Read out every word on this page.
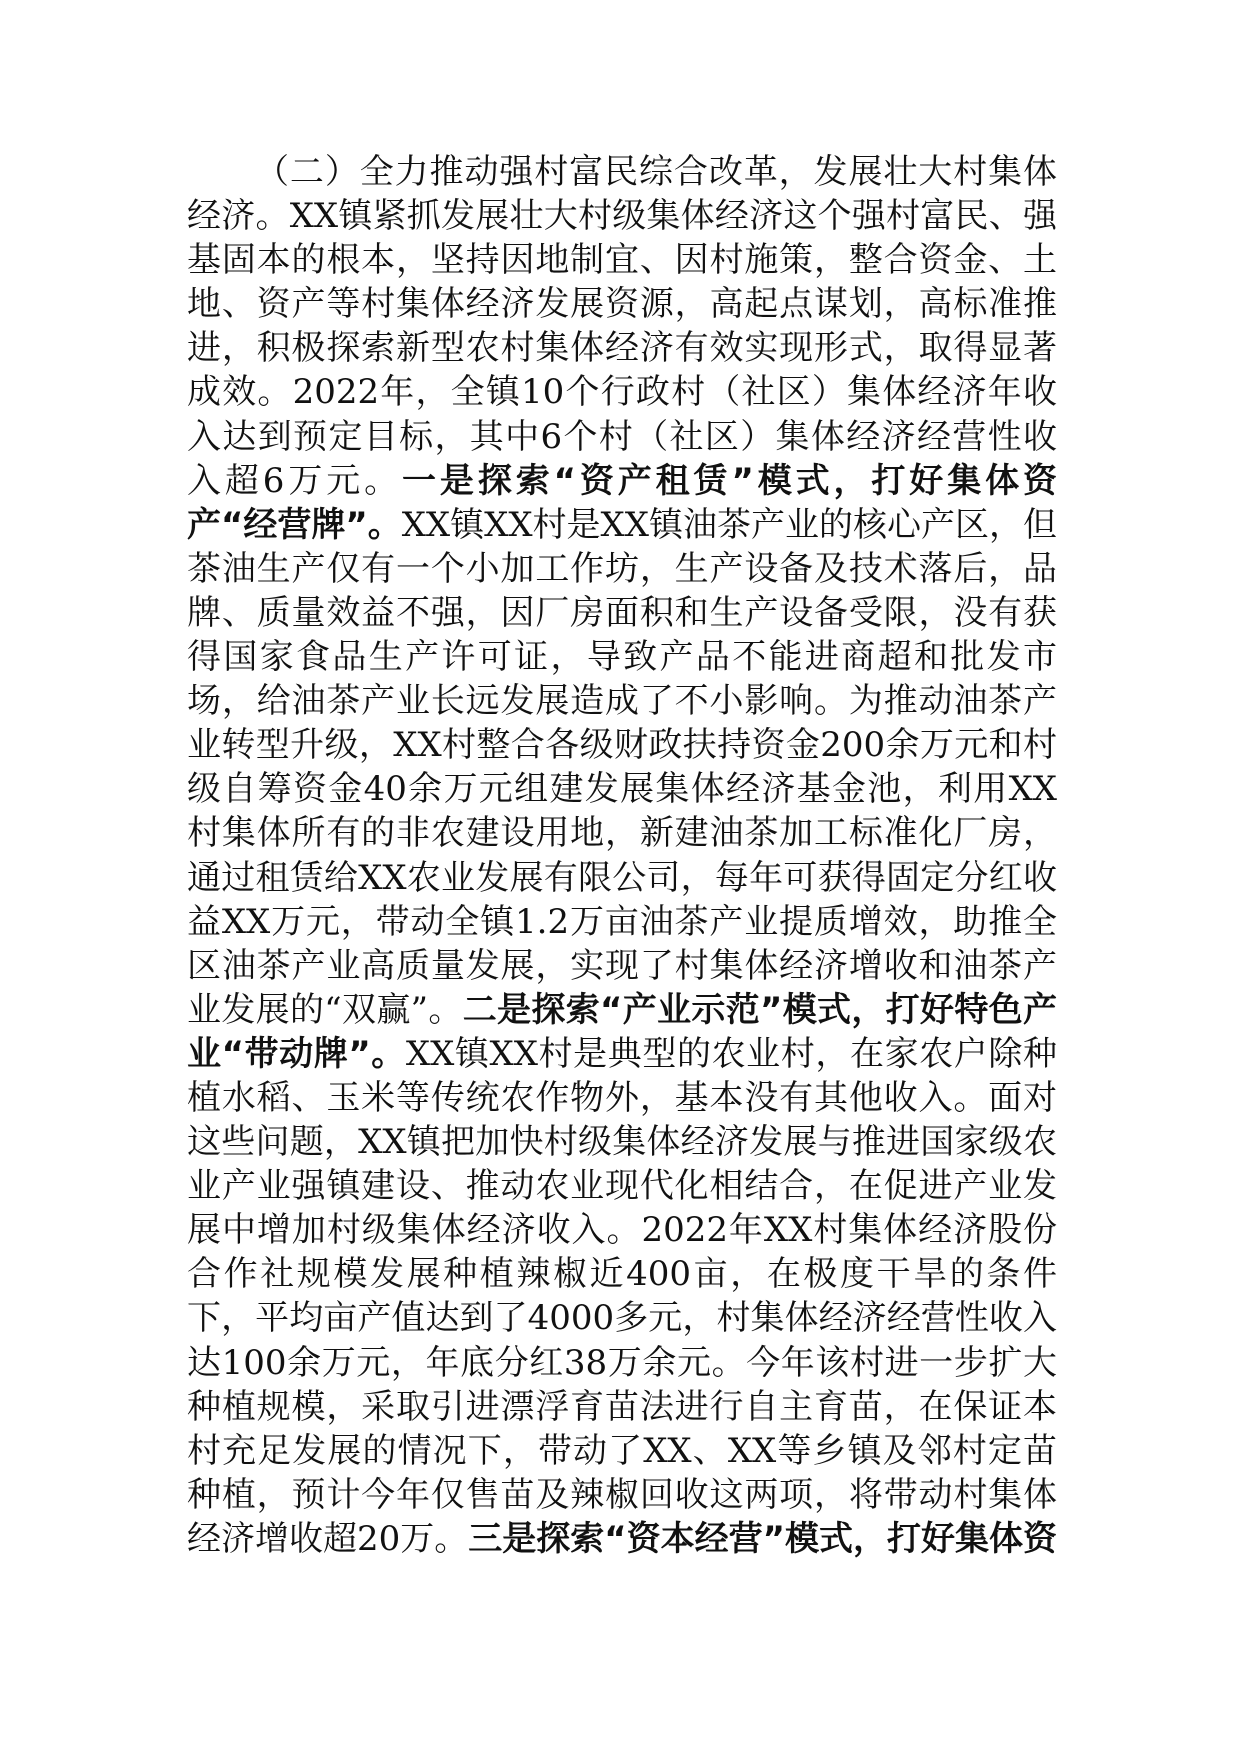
（二）全力推动强村富民综合改革，发展壮大村集体经济。XX镇紧抓发展壮大村级集体经济这个强村富民、强基固本的根本，坚持因地制宜、因村施策，整合资金、土地、资产等村集体经济发展资源，高起点谋划，高标准推进，积极探索新型农村集体经济有效实现形式，取得显著成效。2022年，全镇10个行政村（社区）集体经济年收入达到预定目标，其中6个村（社区）集体经济经营性收入超6万元。一是探索“资产租赁”模式，打好集体资产“经营牌”。XX镇XX村是XX镇油茶产业的核心产区，但茶油生产仅有一个小加工作坊，生产设备及技术落后，品牌、质量效益不强，因厂房面积和生产设备受限，没有获得国家食品生产许可证，导致产品不能进商超和批发市场，给油茶产业长远发展造成了不小影响。为推动油茶产业转型升级，XX村整合各级财政扶持资金200余万元和村级自筹资金40余万元组建发展集体经济基金池，利用XX村集体所有的非农建设用地，新建油茶加工标准化厂房，通过租赁给XX农业发展有限公司，每年可获得固定分红收益XX万元，带动全镇1.2万亩油茶产业提质增效，助推全区油茶产业高质量发展，实现了村集体经济增收和油茶产业发展的“双赢”。二是探索“产业示范”模式，打好特色产业“带动牌”。XX镇XX村是典型的农业村，在家农户除种植水稻、玉米等传统农作物外，基本没有其他收入。面对这些问题，XX镇把加快村级集体经济发展与推进国家级农业产业强镇建设、推动农业现代化相结合，在促进产业发展中增加村级集体经济收入。2022年XX村集体经济股份合作社规模发展种植辣椒近400亩，在极度干旱的条件下，平均亩产值达到了4000多元，村集体经济经营性收入达100余万元，年底分红38万余元。今年该村进一步扩大种植规模，采取引进漂浮育苗法进行自主育苗，在保证本村充足发展的情况下，带动了XX、XX等乡镇及邻村定苗种植，预计今年仅售苗及辣椒回收这两项，将带动村集体经济增收超20万。三是探索“资本经营”模式，打好集体资
